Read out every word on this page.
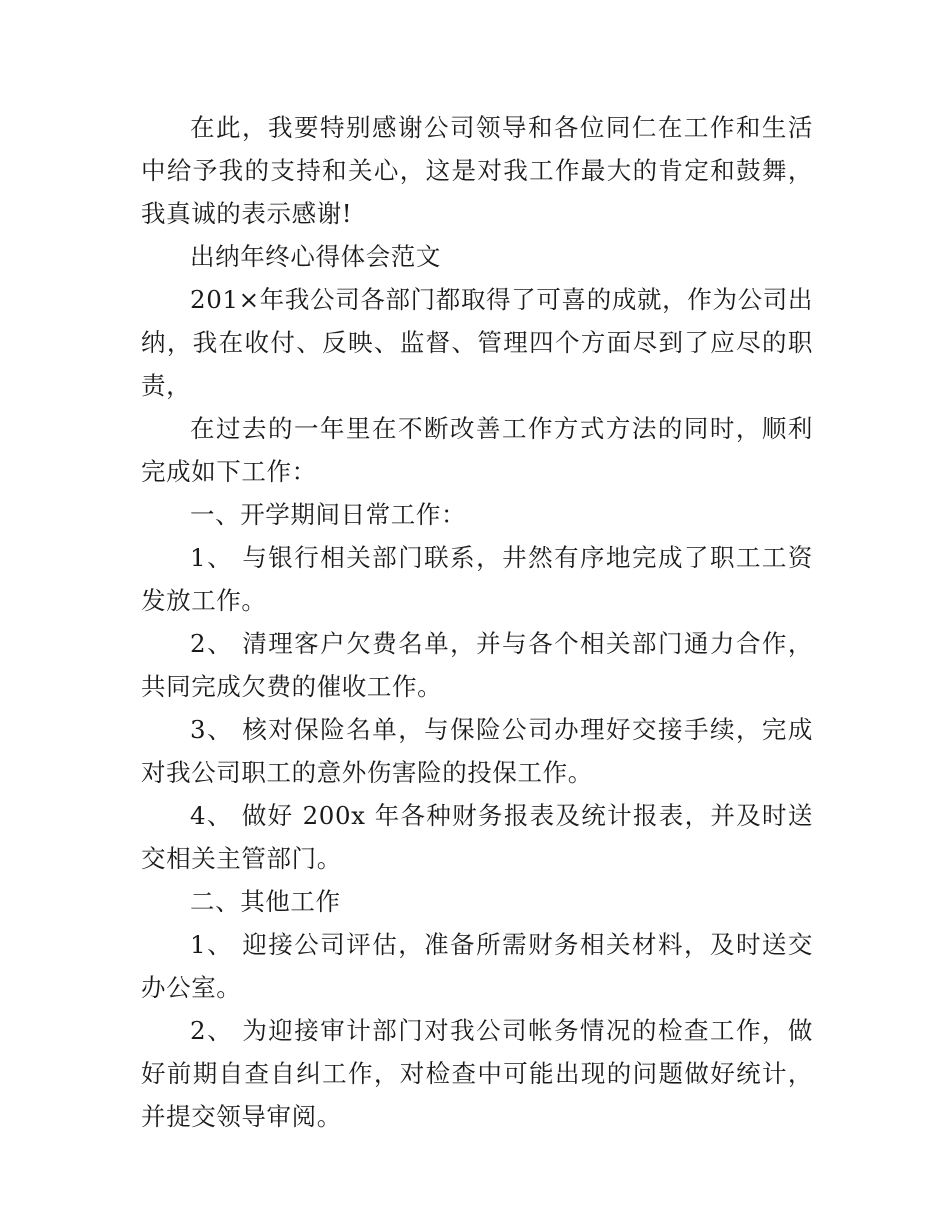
在此，我要特别感谢公司领导和各位同仁在工作和生活中给予我的支持和关心，这是对我工作最大的肯定和鼓舞，我真诚的表示感谢!

出纳年终心得体会范文

201×年我公司各部门都取得了可喜的成就，作为公司出纳，我在收付、反映、监督、管理四个方面尽到了应尽的职责，

在过去的一年里在不断改善工作方式方法的同时，顺利完成如下工作：

一、开学期间日常工作：

1、 与银行相关部门联系，井然有序地完成了职工工资发放工作。

2、 清理客户欠费名单，并与各个相关部门通力合作，共同完成欠费的催收工作。

3、 核对保险名单，与保险公司办理好交接手续，完成对我公司职工的意外伤害险的投保工作。

4、 做好 200x 年各种财务报表及统计报表，并及时送交相关主管部门。

二、其他工作

1、 迎接公司评估，准备所需财务相关材料，及时送交办公室。

2、 为迎接审计部门对我公司帐务情况的检查工作，做好前期自查自纠工作，对检查中可能出现的问题做好统计，并提交领导审阅。
